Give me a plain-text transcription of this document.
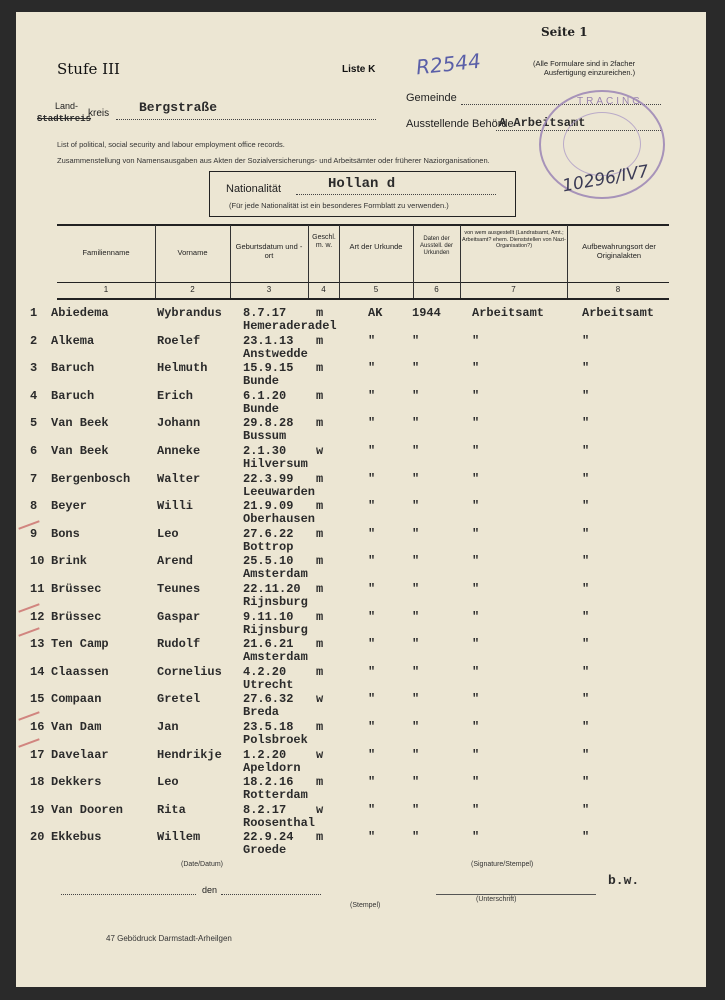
Seite 1
Stufe III	Liste K R2544	(Alle Formulare sind in 2facher
Ausfertigung einzureichen.)
Land-
Stadtkreis
kreis Bergstraße
Gemeinde
Ausstellende Behörde
A Arbeitsamt
List of political, social security and labour employment office records.
Zusammenstellung von Namensausgaben aus Akten der Sozialversicherungs- und Arbeitsämter oder früherer Naziorganisationen.
TRACING
10296/IV7
Nationalität	Hollan d
(Für jede Nationalität ist ein besonderes Formblatt zu verwenden.)
Familienname	Vorname
Geburtsdatum und -ort
Geschl. m. w.	Art der Urkunde
Daten der Ausstell. der Urkunden
von wem ausgestellt (Landratsamt, Amt.; Arbeitsamt? ehem. Dienststellen von Nazi-Organisation?)	Aufbewahrungsort der Originalakten
1	2	3	4	5	6	7	8
1 Abiedema	Wybrandus 8.7.17 m	AK 1944	Arbeitsamt	Arbeitsamt
Hemeraderadel
2 Alkema	Roelef	23.1.13 m	"	"	"	"
Anstwedde
3 Baruch	Helmuth	15.9.15 m	"	"	"	"
Bunde
4 Baruch	Erich	6.1.20 m	"	"	"	"
Bunde
5 Van Beek	Johann	29.8.28 m	"	"	"	"
Bussum
6 Van Beek	Anneke	2.1.30 w	"	"	"	"
Hilversum
7 Bergenbosch Walter	22.3.99 m	"	"	"	"
Leeuwarden
8 Beyer	Willi	21.9.09 m	"	"	"	"
Oberhausen
9 Bons	Leo	27.6.22 m	"	"	"	"
Bottrop
10 Brink	Arend	25.5.10 m	"	"	"	"
Amsterdam
11 Brüssec	Teunes	22.11.20 m	"	"	"	"
Rijnsburg
12 Brüssec	Gaspar	9.11.10 m	"	"	"	"
Rijnsburg
13 Ten Camp	Rudolf	21.6.21 m	"	"	"	"
Amsterdam
14 Claassen	Cornelius 4.2.20 m	"	"	"	"
Utrecht
15 Compaan	Gretel	27.6.32 w	"	"	"	"
Breda
16 Van Dam	Jan	23.5.18 m	"	"	"	"
Polsbroek
17 Davelaar	Hendrikje 1.2.20 w	"	"	"	"
Apeldorn
18 Dekkers	Leo	18.2.16 m	"	"	"	"
Rotterdam
19 Van Dooren	Rita	8.2.17 w	"	"	"	"
Roosenthal
20 Ekkebus	Willem	22.9.24 m	"	"	"	"
Groede
(Date/Datum)	(Signature/Stempel)
b.w.
den
(Stempel)
(Unterschrift)
47 Gebödruck Darmstadt-Arheilgen
